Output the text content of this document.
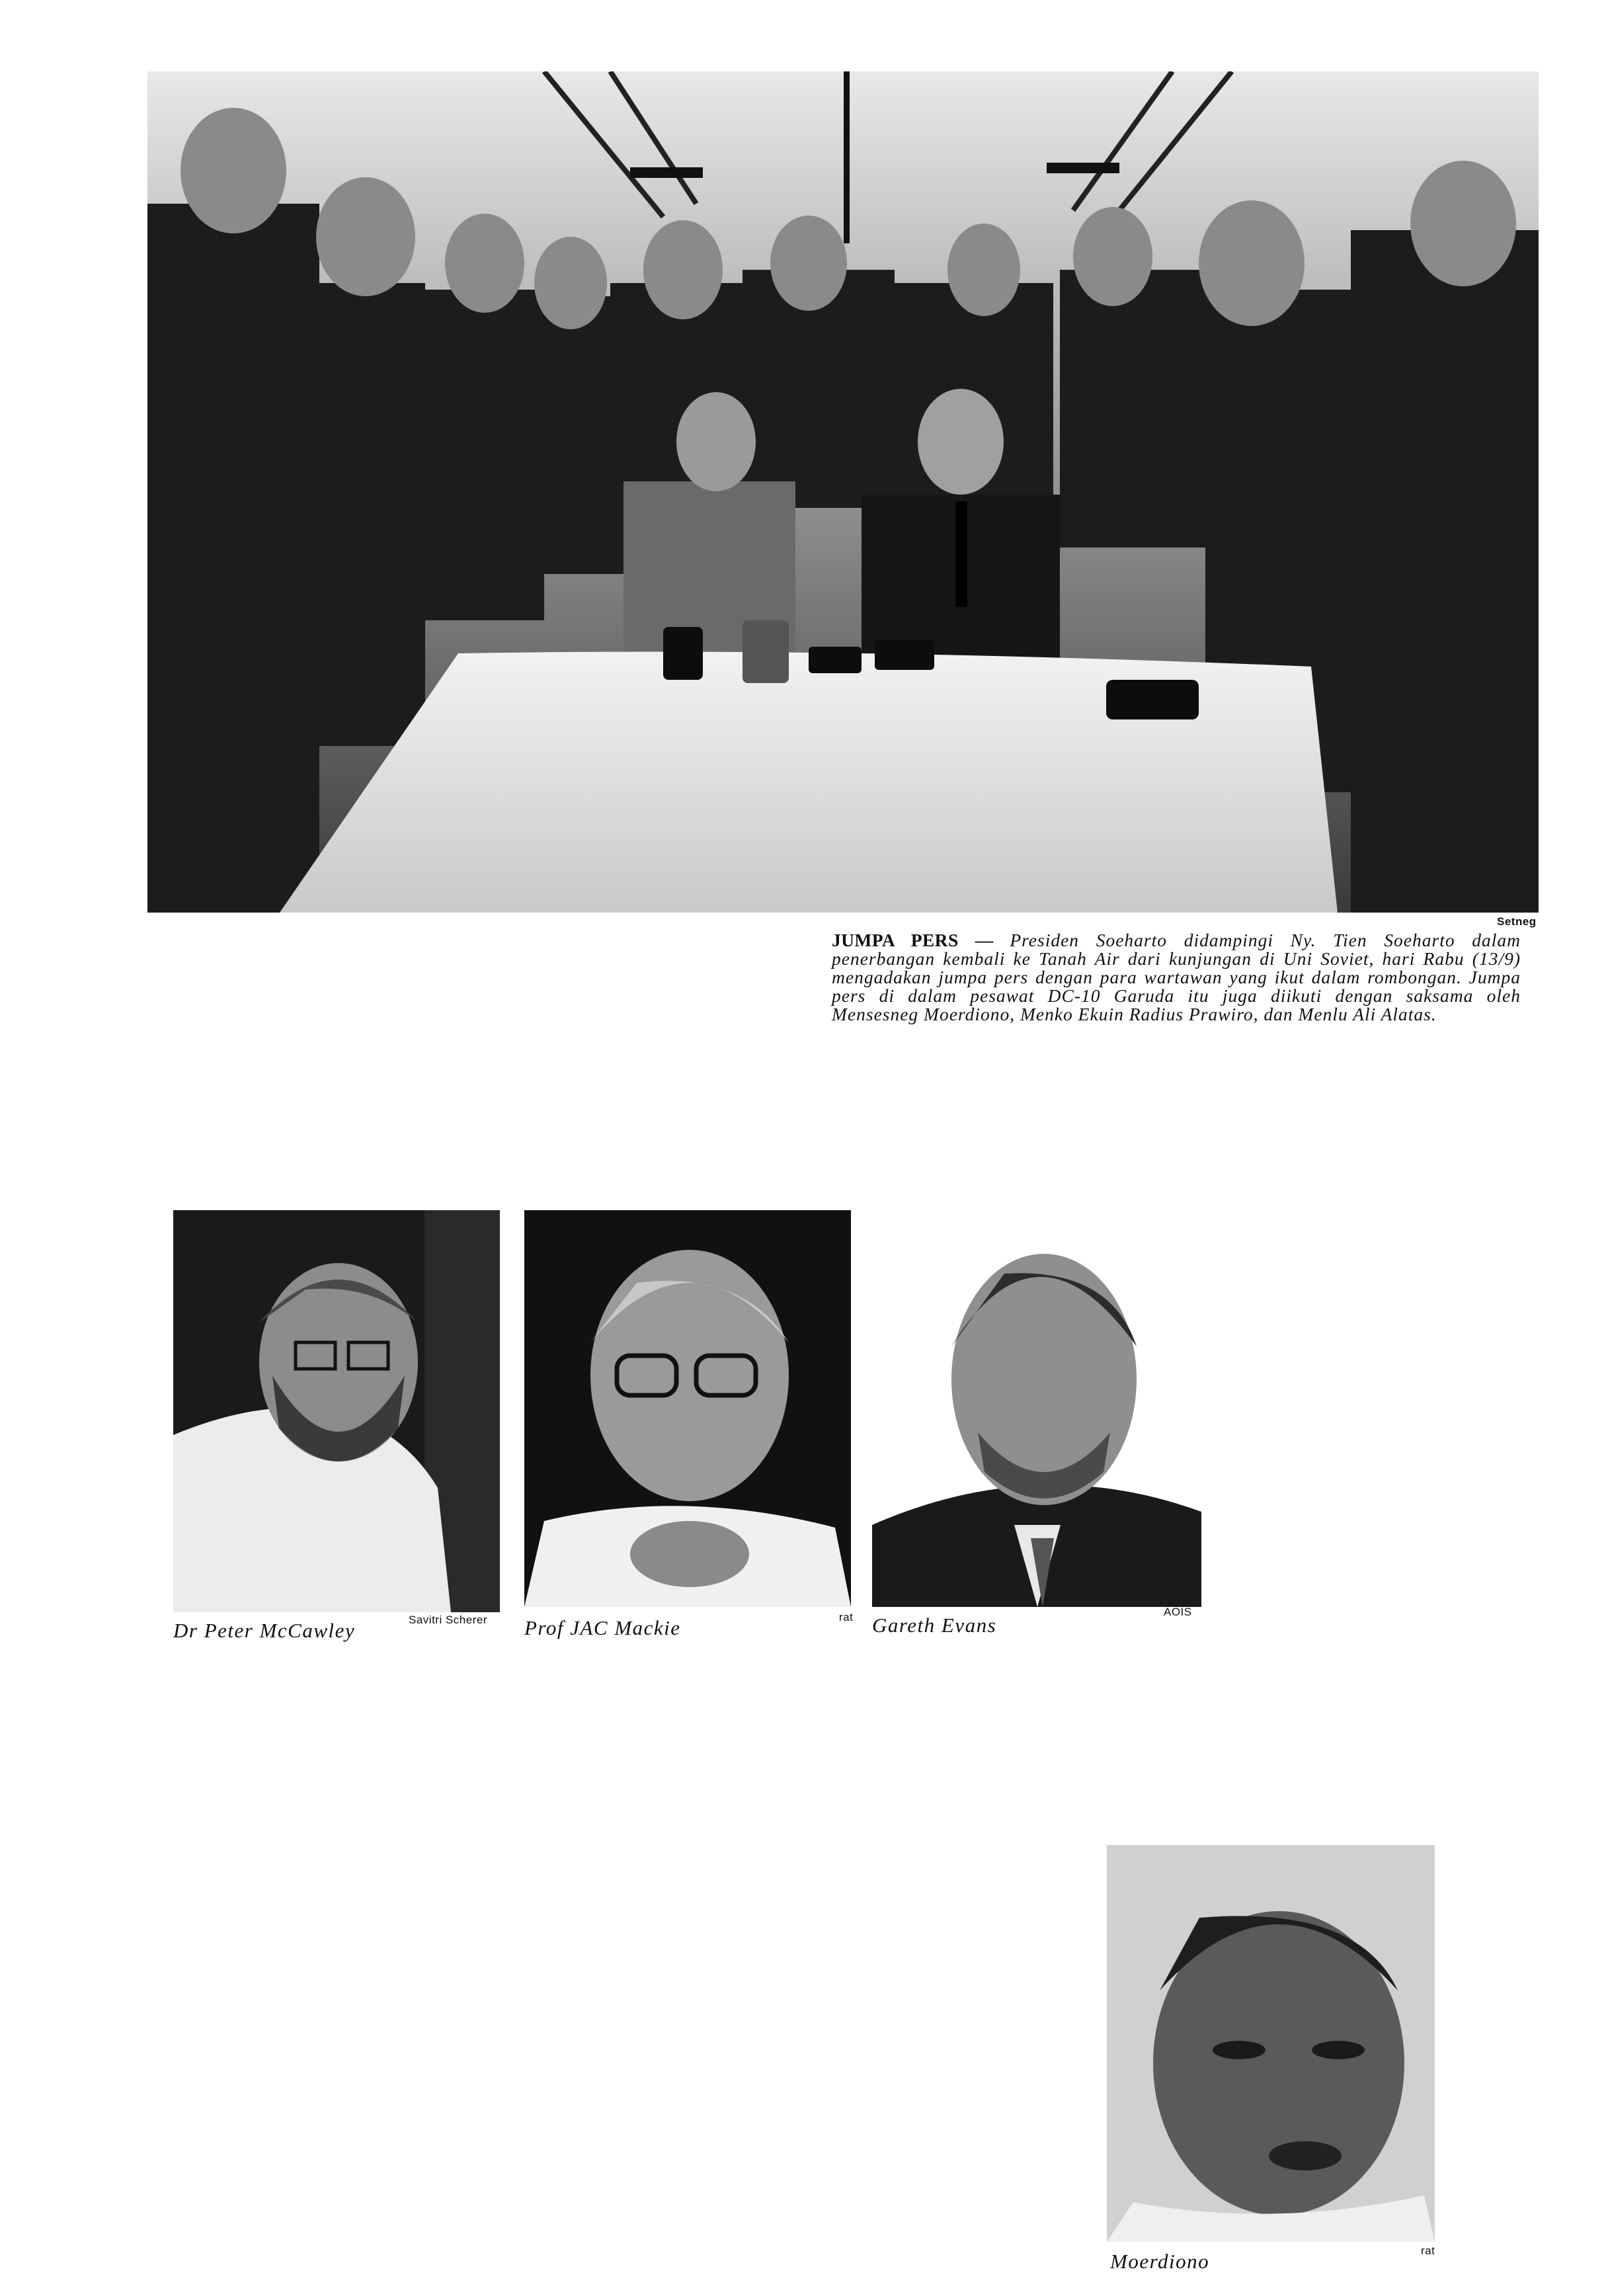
Setneg
JUMPA PERS — Presiden Soeharto didampingi Ny. Tien Soeharto dalam penerbangan kembali ke Tanah Air dari kunjungan di Uni Soviet, hari Rabu (13/9) mengadakan jumpa pers dengan para wartawan yang ikut dalam rombongan. Jumpa pers di dalam pesawat DC-10 Garuda itu juga diikuti dengan saksama oleh Mensesneg Moerdiono, Menko Ekuin Radius Prawiro, dan Menlu Ali Alatas.
Savitri Scherer
Dr Peter McCawley
rat
Prof JAC Mackie
AOIS
Gareth Evans
Moerdiono	rat
